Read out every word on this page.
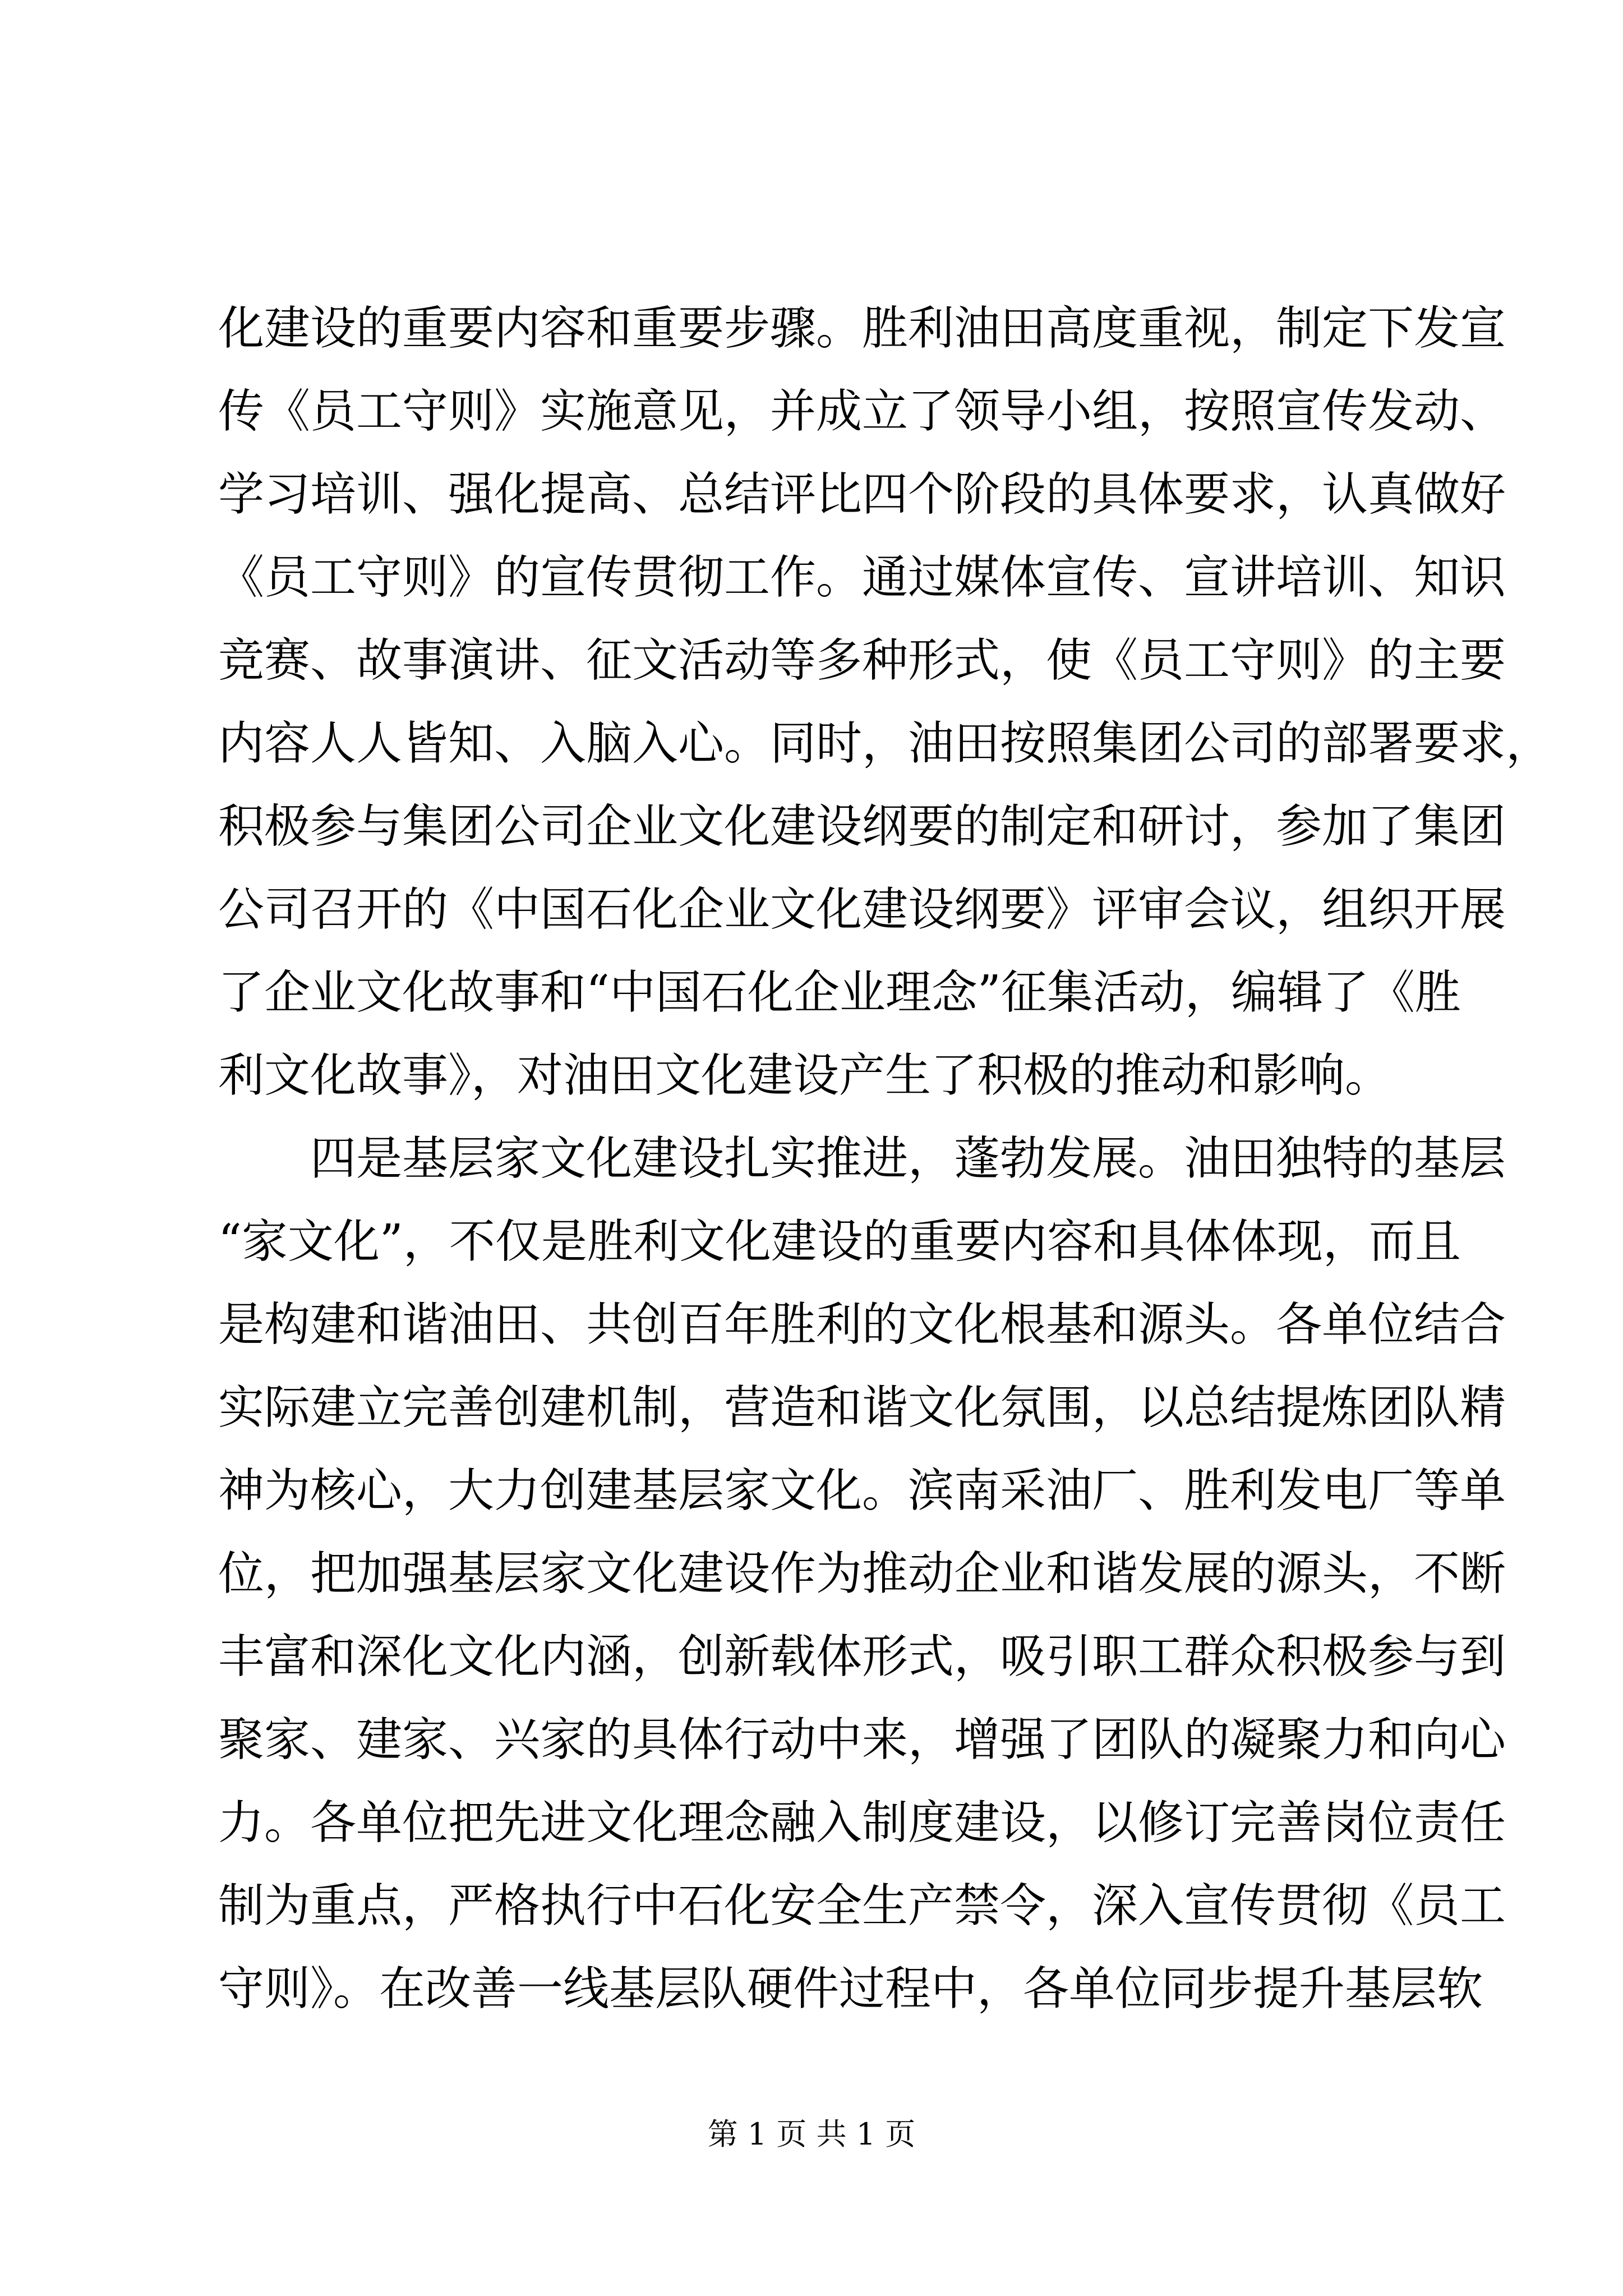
化建设的重要内容和重要步骤。胜利油田高度重视，制定下发宣
传《员工守则》实施意见，并成立了领导小组，按照宣传发动、
学习培训、强化提高、总结评比四个阶段的具体要求，认真做好
《员工守则》的宣传贯彻工作。通过媒体宣传、宣讲培训、知识
竞赛、故事演讲、征文活动等多种形式，使《员工守则》的主要
内容人人皆知、入脑入心。同时，油田按照集团公司的部署要求，
积极参与集团公司企业文化建设纲要的制定和研讨，参加了集团
公司召开的《中国石化企业文化建设纲要》评审会议，组织开展
了企业文化故事和“中国石化企业理念”征集活动，编辑了《胜
利文化故事》，对油田文化建设产生了积极的推动和影响。
四是基层家文化建设扎实推进，蓬勃发展。油田独特的基层
“家文化”，不仅是胜利文化建设的重要内容和具体体现，而且
是构建和谐油田、共创百年胜利的文化根基和源头。各单位结合
实际建立完善创建机制，营造和谐文化氛围，以总结提炼团队精
神为核心，大力创建基层家文化。滨南采油厂、胜利发电厂等单
位，把加强基层家文化建设作为推动企业和谐发展的源头，不断
丰富和深化文化内涵，创新载体形式，吸引职工群众积极参与到
聚家、建家、兴家的具体行动中来，增强了团队的凝聚力和向心
力。各单位把先进文化理念融入制度建设，以修订完善岗位责任
制为重点，严格执行中石化安全生产禁令，深入宣传贯彻《员工
守则》。在改善一线基层队硬件过程中，各单位同步提升基层软
第 1 页 共 1 页
